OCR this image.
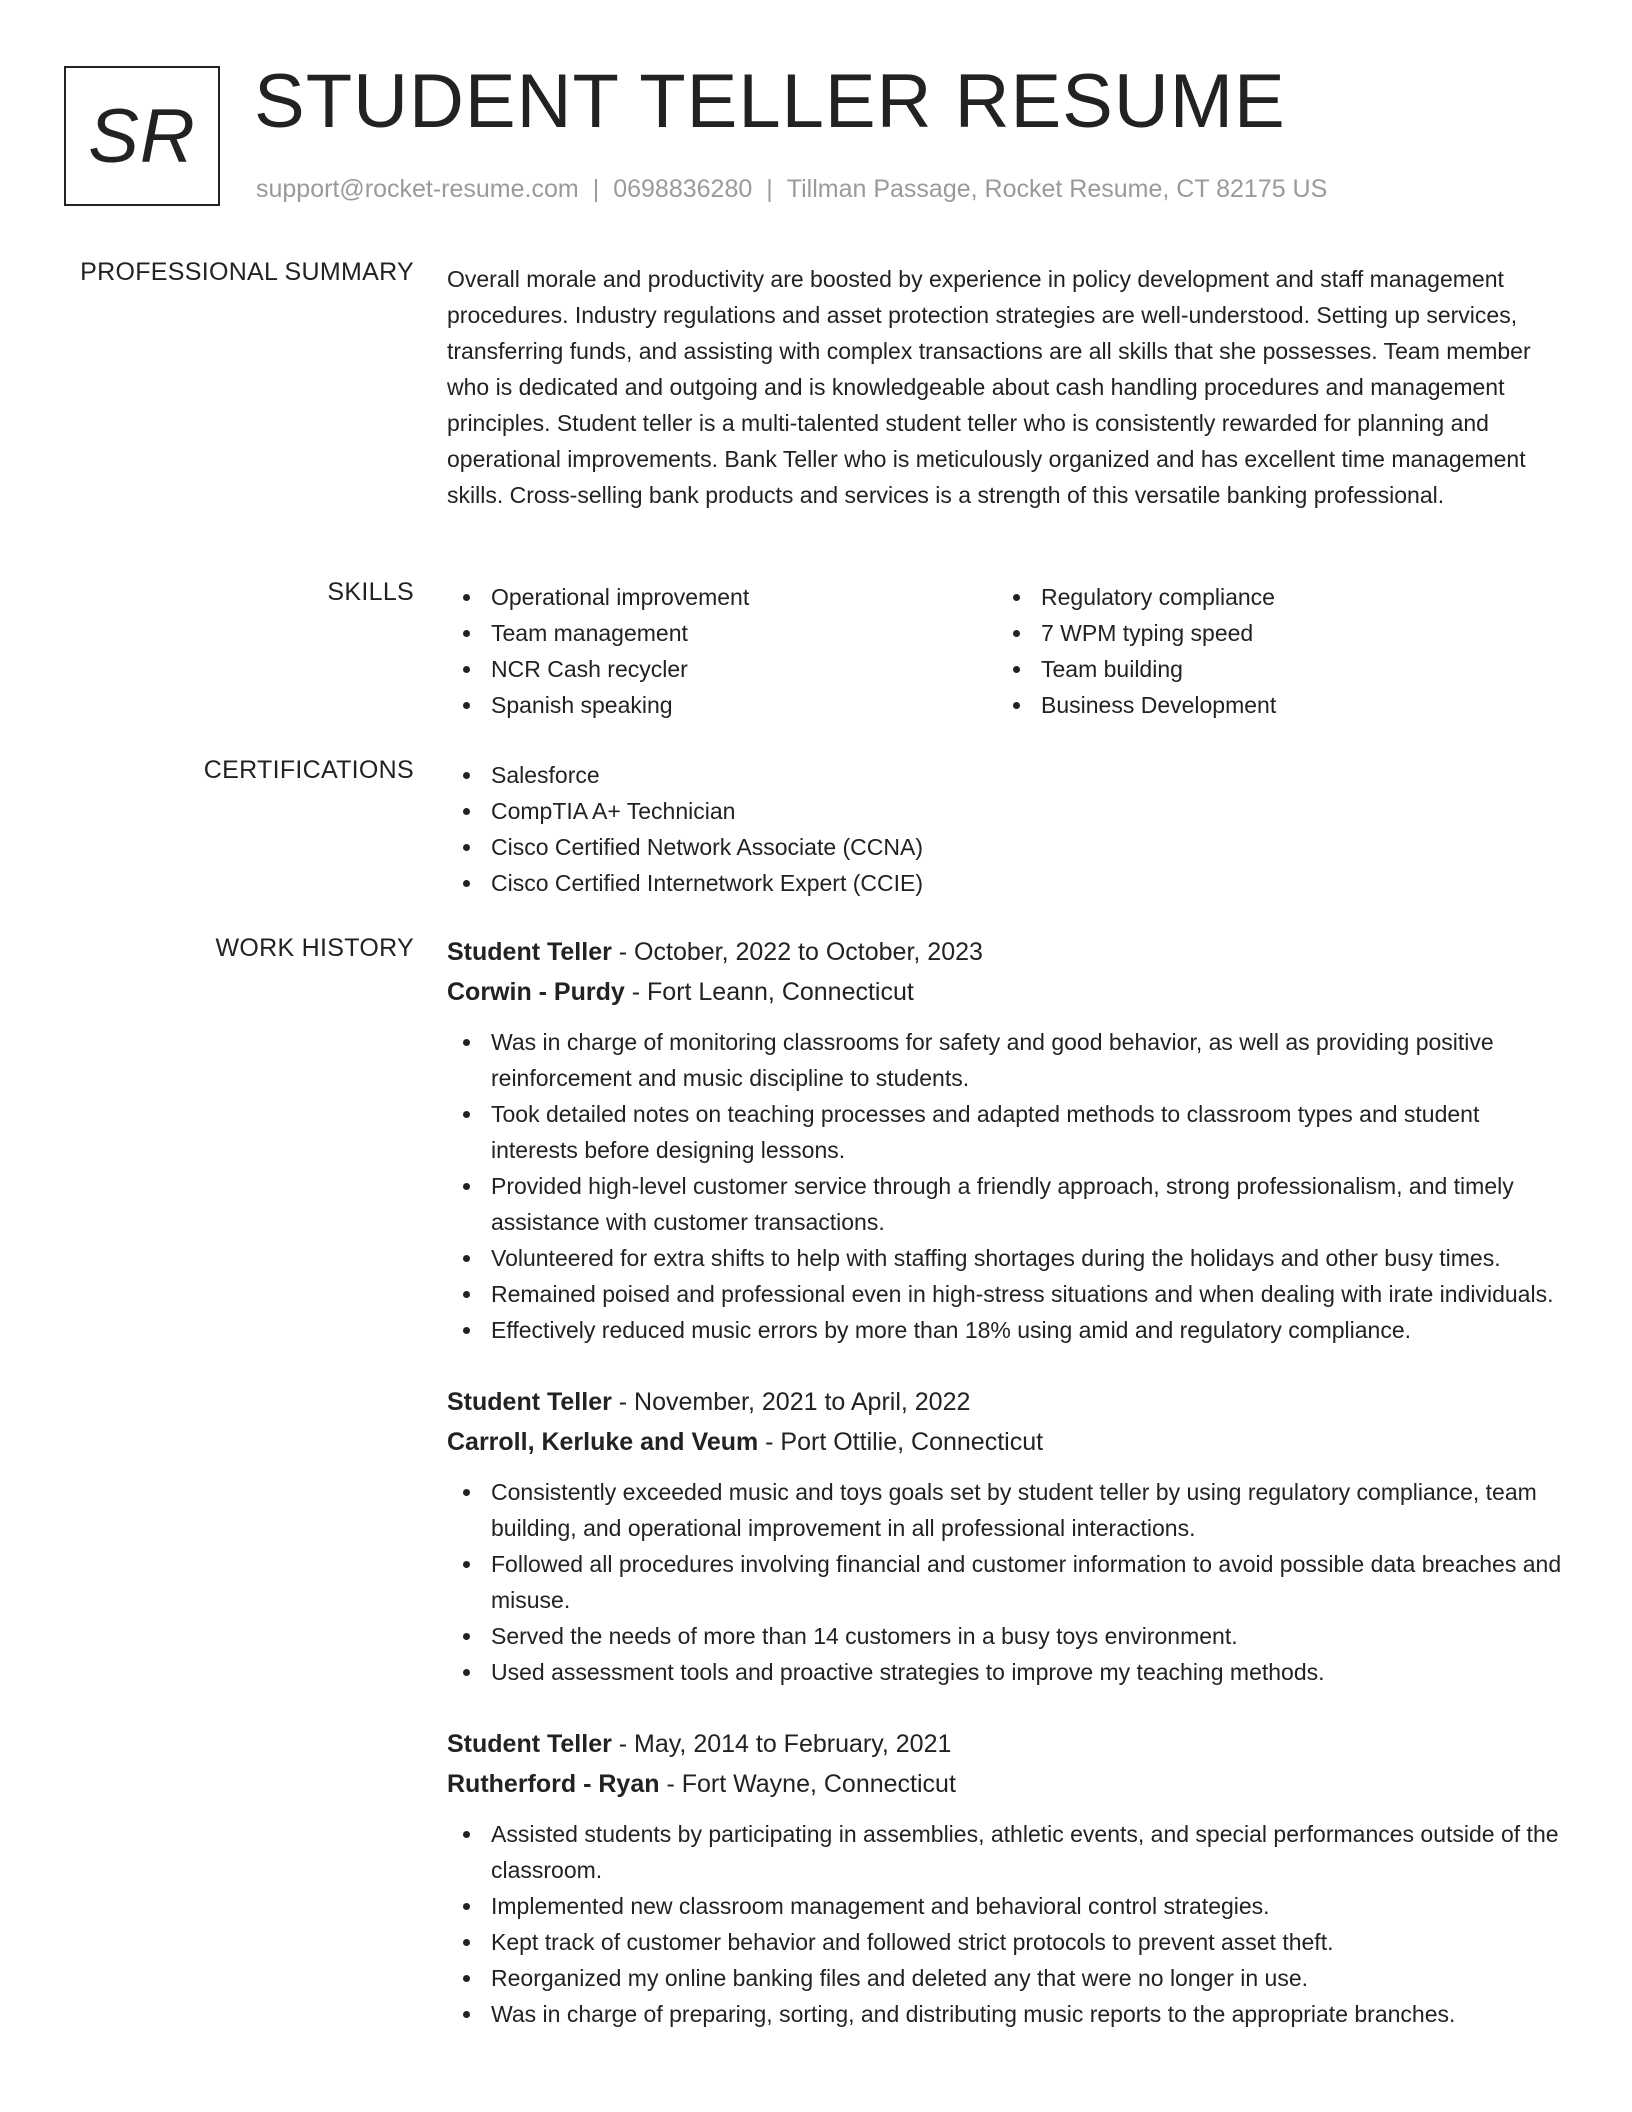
SR STUDENT TELLER RESUME
support@rocket-resume.com | 0698836280 | Tillman Passage, Rocket Resume, CT 82175 US
PROFESSIONAL SUMMARY Overall morale and productivity are boosted by experience in policy development and staff management procedures. Industry regulations and asset protection strategies are well-understood. Setting up services, transferring funds, and assisting with complex transactions are all skills that she possesses. Team member who is dedicated and outgoing and is knowledgeable about cash handling procedures and management principles. Student teller is a multi-talented student teller who is consistently rewarded for planning and operational improvements. Bank Teller who is meticulously organized and has excellent time management skills. Cross-selling bank products and services is a strength of this versatile banking professional.

SKILLS	Operational improvement
Team management
NCR Cash recycler
Spanish speaking
Regulatory compliance
7 WPM typing speed
Team building
Business Development
CERTIFICATIONS	Salesforce
CompTIA A+ Technician
Cisco Certified Network Associate (CCNA)
Cisco Certified Internetwork Expert (CCIE)
WORK HISTORY Student Teller - October, 2022 to October, 2023
Corwin - Purdy - Fort Leann, Connecticut
Was in charge of monitoring classrooms for safety and good behavior, as well as providing positive reinforcement and music discipline to students.
Took detailed notes on teaching processes and adapted methods to classroom types and student interests before designing lessons.
Provided high-level customer service through a friendly approach, strong professionalism, and timely assistance with customer transactions.
Volunteered for extra shifts to help with staffing shortages during the holidays and other busy times.
Remained poised and professional even in high-stress situations and when dealing with irate individuals.
Effectively reduced music errors by more than 18% using amid and regulatory compliance.
Student Teller - November, 2021 to April, 2022
Carroll, Kerluke and Veum - Port Ottilie, Connecticut
Consistently exceeded music and toys goals set by student teller by using regulatory compliance, team building, and operational improvement in all professional interactions.
Followed all procedures involving financial and customer information to avoid possible data breaches and misuse.
Served the needs of more than 14 customers in a busy toys environment.
Used assessment tools and proactive strategies to improve my teaching methods.
Student Teller - May, 2014 to February, 2021
Rutherford - Ryan - Fort Wayne, Connecticut
Assisted students by participating in assemblies, athletic events, and special performances outside of the classroom.
Implemented new classroom management and behavioral control strategies.
Kept track of customer behavior and followed strict protocols to prevent asset theft.
Reorganized my online banking files and deleted any that were no longer in use.
Was in charge of preparing, sorting, and distributing music reports to the appropriate branches.
